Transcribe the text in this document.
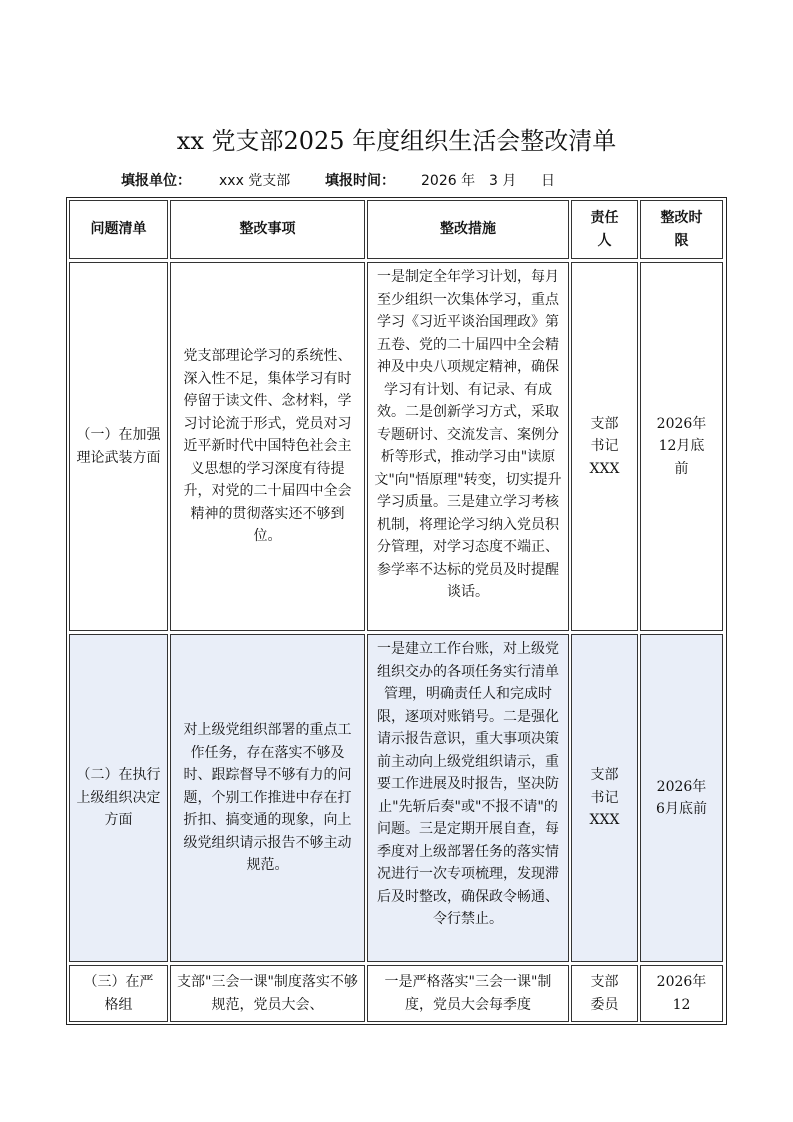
xx 党支部2025 年度组织生活会整改清单
填报单位： xxx 党支部 填报时间： 2026 年 3 月 日
问题清单	整改事项	整改措施
责任人
整改时限
（一）在加强理论武装方面
党支部理论学习的系统性、深入性不足，集体学习有时停留于读文件、念材料，学习讨论流于形式，党员对习近平新时代中国特色社会主义思想的学习深度有待提升，对党的二十届四中全会精神的贯彻落实还不够到位。
一是制定全年学习计划，每月至少组织一次集体学习，重点学习《习近平谈治国理政》第五卷、党的二十届四中全会精神及中央八项规定精神，确保学习有计划、有记录、有成效。二是创新学习方式，采取专题研讨、交流发言、案例分析等形式，推动学习由"读原文"向"悟原理"转变，切实提升学习质量。三是建立学习考核机制，将理论学习纳入党员积分管理，对学习态度不端正、参学率不达标的党员及时提醒谈话。
支部书记XXX
2026年12月底前
（二）在执行上级组织决定方面
对上级党组织部署的重点工作任务，存在落实不够及时、跟踪督导不够有力的问题，个别工作推进中存在打折扣、搞变通的现象，向上级党组织请示报告不够主动规范。
一是建立工作台账，对上级党组织交办的各项任务实行清单管理，明确责任人和完成时限，逐项对账销号。二是强化请示报告意识，重大事项决策前主动向上级党组织请示，重要工作进展及时报告，坚决防止"先斩后奏"或"不报不请"的问题。三是定期开展自查，每季度对上级部署任务的落实情况进行一次专项梳理，发现滞后及时整改，确保政令畅通、令行禁止。
支部书记XXX
2026年6月底前
（三）在严格组
支部"三会一课"制度落实不够规范，党员大会、
一是严格落实"三会一课"制度，党员大会每季度
支部委员
2026年12
